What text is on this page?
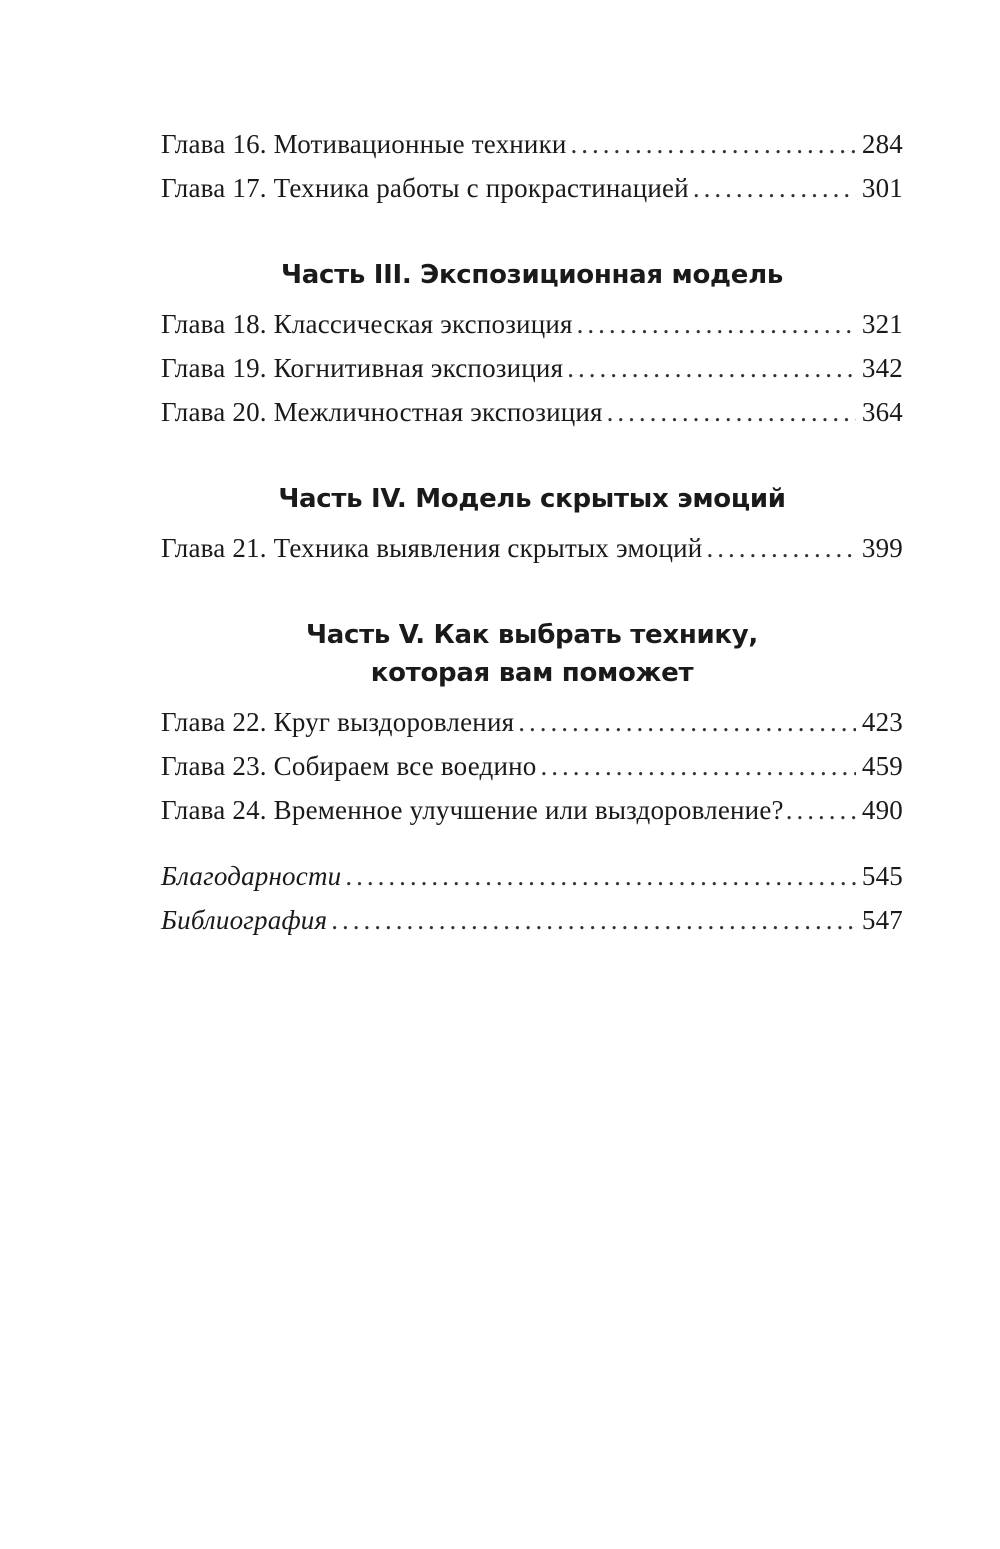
Глава 16. Мотивационные техники .....	284
Глава 17. Техника работы с прокрастинацией .....	301
Часть III. Экспозиционная модель
Глава 18. Классическая экспозиция .....	321
Глава 19. Когнитивная экспозиция .....	342
Глава 20. Межличностная экспозиция .....	364
Часть IV. Модель скрытых эмоций
Глава 21. Техника выявления скрытых эмоций .....	399
Часть V. Как выбрать технику,
которая вам поможет
Глава 22. Круг выздоровления .....	423
Глава 23. Собираем все воедино .....	459
Глава 24. Временное улучшение или выздоровление? .....	490
Благодарности .....	545
Библиография .....	547
